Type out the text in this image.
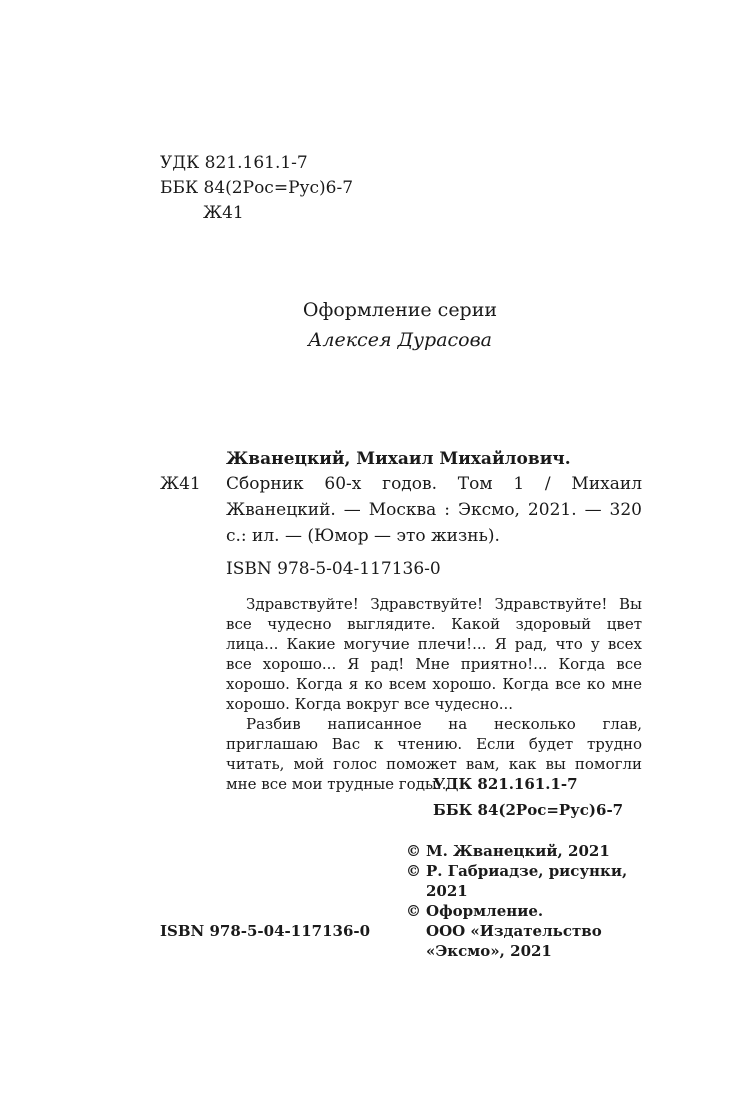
УДК 821.161.1-7
ББК 84(2Рос=Рус)6-7
Ж41
Оформление серии
Алексея Дурасова
Жванецкий, Михаил Михайлович.
Ж41 Сборник 60-х годов. Том 1 / Михаил Жванецкий. — Москва : Эксмо, 2021. — 320 с.: ил. — (Юмор — это жизнь).
ISBN 978-5-04-117136-0

Здравствуйте! Здравствуйте! Здравствуйте! Вы все чудесно выглядите. Какой здоровый цвет лица... Какие могучие плечи!... Я рад, что у всех все хорошо... Я рад! Мне приятно!... Когда все хорошо. Когда я ко всем хорошо. Когда все ко мне хорошо. Когда вокруг все чудесно...

Разбив написанное на несколько глав, приглашаю Вас к чтению. Если будет трудно читать, мой голос поможет вам, как вы помогли мне все мои трудные годы...

УДК 821.161.1-7
ББК 84(2Рос=Рус)6-7
© М. Жванецкий, 2021
© Р. Габриадзе, рисунки,
2021
© Оформление.
ООО «Издательство
«Эксмо», 2021
ISBN 978-5-04-117136-0
